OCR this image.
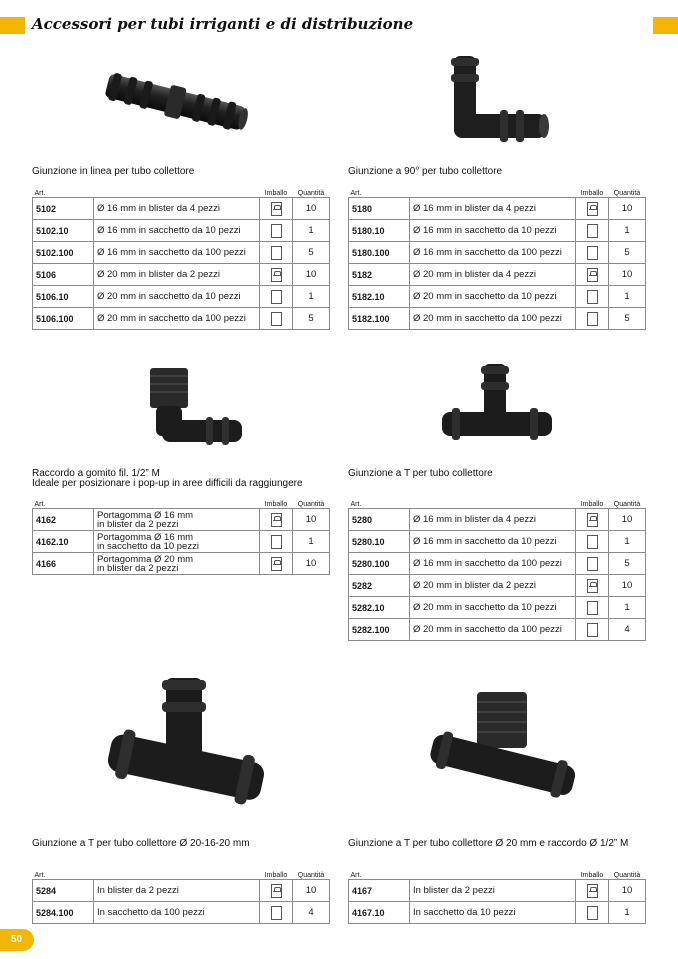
Accessori per tubi irriganti e di distribuzione
Giunzione in linea per tubo collettore
Art.		Imballo	Quantità
5102	Ø 16 mm in blister da 4 pezzi		10
5102.10	Ø 16 mm in sacchetto da 10 pezzi		1
5102.100	Ø 16 mm in sacchetto da 100 pezzi		5
5106	Ø 20 mm in blister da 2 pezzi		10
5106.10	Ø 20 mm in sacchetto da 10 pezzi		1
5106.100	Ø 20 mm in sacchetto da 100 pezzi		5
Giunzione a 90° per tubo collettore
Art.		Imballo	Quantità
5180	Ø 16 mm in blister da 4 pezzi		10
5180.10	Ø 16 mm in sacchetto da 10 pezzi		1
5180.100	Ø 16 mm in sacchetto da 100 pezzi		5
5182	Ø 20 mm in blister da 4 pezzi		10
5182.10	Ø 20 mm in sacchetto da 10 pezzi		1
5182.100	Ø 20 mm in sacchetto da 100 pezzi		5
Raccordo a gomito fil. 1/2” M
Ideale per posizionare i pop-up in aree difficili da raggiungere
Art.		Imballo	Quantità
4162	Portagomma Ø 16 mm
in blister da 2 pezzi		10
4162.10	Portagomma Ø 16 mm
in sacchetto da 10 pezzi		1
4166	Portagomma Ø 20 mm
in blister da 2 pezzi		10
Giunzione a T per tubo collettore
Art.		Imballo	Quantità
5280	Ø 16 mm in blister da 4 pezzi		10
5280.10	Ø 16 mm in sacchetto da 10 pezzi		1
5280.100	Ø 16 mm in sacchetto da 100 pezzi		5
5282	Ø 20 mm in blister da 2 pezzi		10
5282.10	Ø 20 mm in sacchetto da 10 pezzi		1
5282.100	Ø 20 mm in sacchetto da 100 pezzi		4
Giunzione a T per tubo collettore Ø 20-16-20 mm
Art.		Imballo	Quantità
5284	In blister da 2 pezzi		10
5284.100	In sacchetto da 100 pezzi		4
Giunzione a T per tubo collettore Ø 20 mm e raccordo Ø 1/2” M
Art.		Imballo	Quantità
4167	In blister da 2 pezzi		10
4167.10	In sacchetto da 10 pezzi		1
50
